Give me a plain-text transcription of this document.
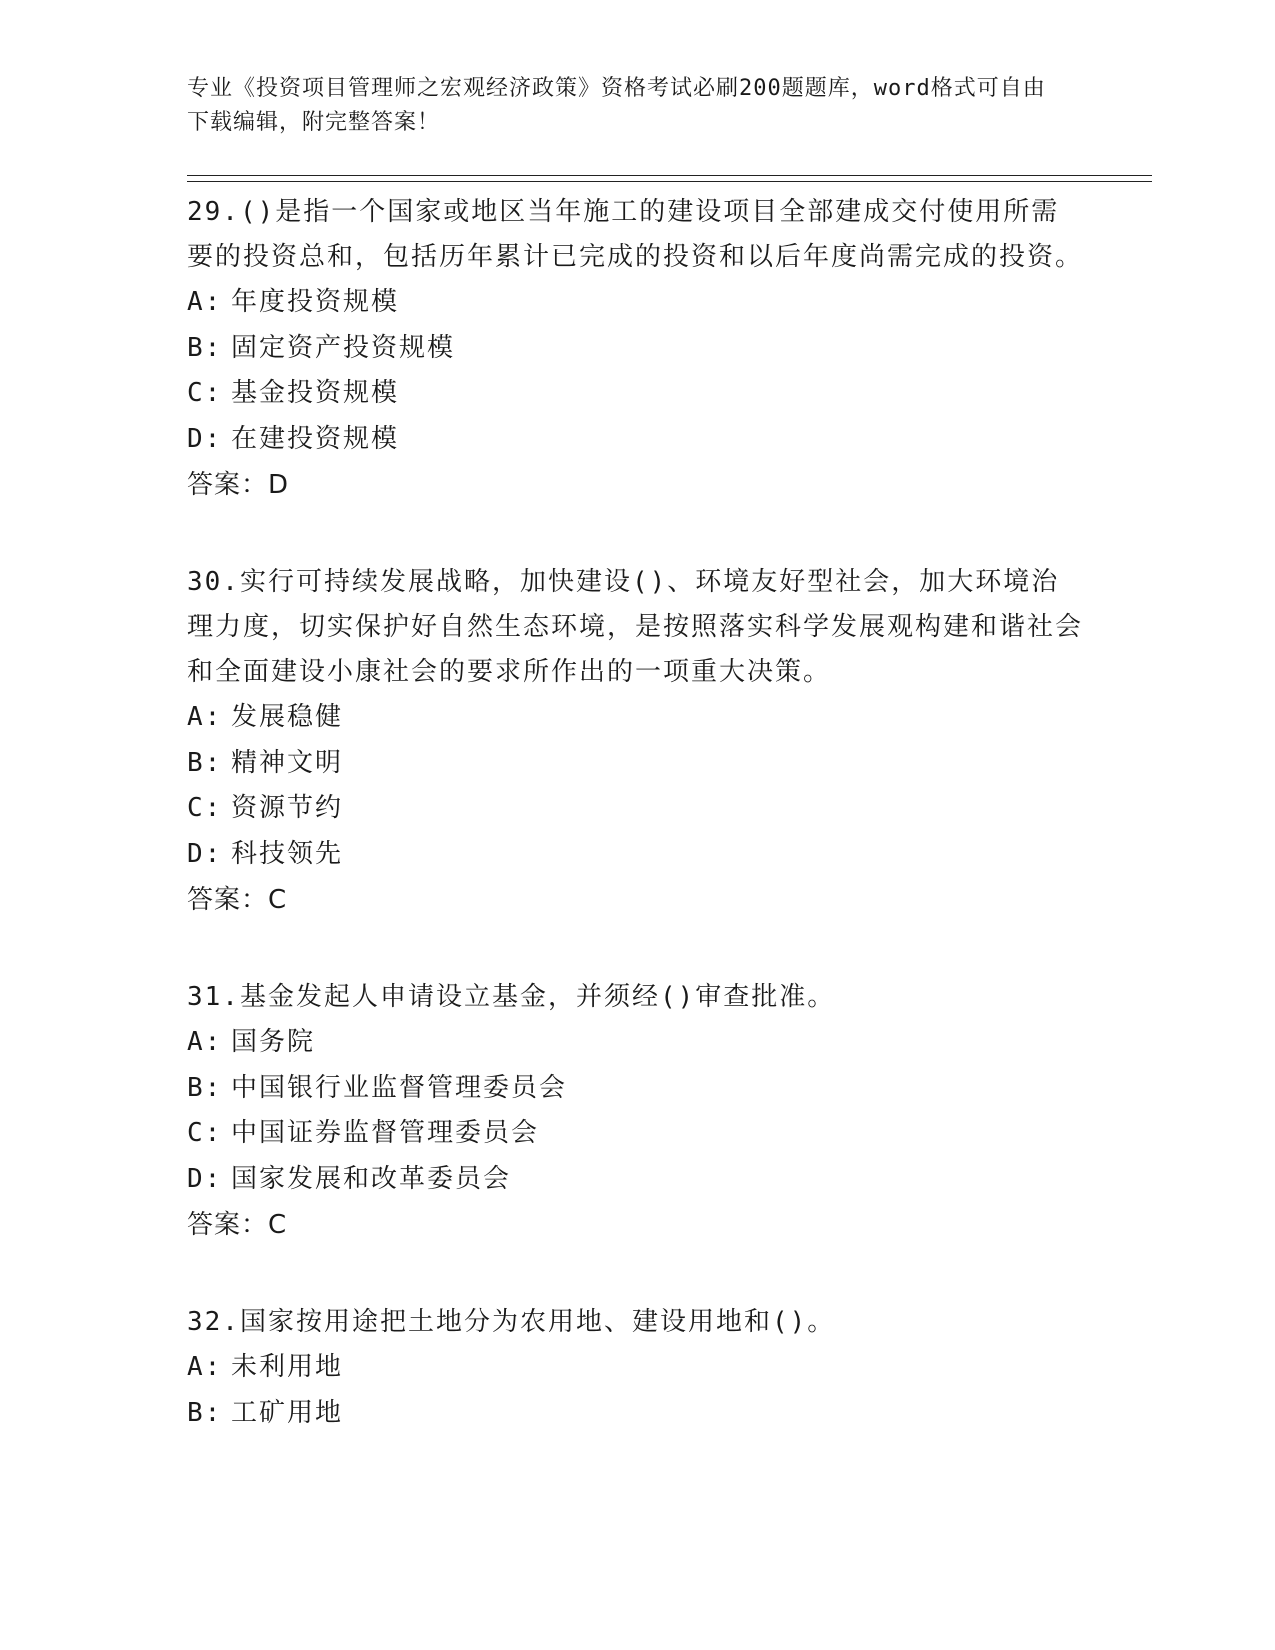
专业《投资项目管理师之宏观经济政策》资格考试必刷200题题库，word格式可自由下载编辑，附完整答案！

29.()是指一个国家或地区当年施工的建设项目全部建成交付使用所需要的投资总和，包括历年累计已完成的投资和以后年度尚需完成的投资。

A: 年度投资规模

B: 固定资产投资规模

C: 基金投资规模

D: 在建投资规模

答案：D

30.实行可持续发展战略，加快建设()、环境友好型社会，加大环境治理力度，切实保护好自然生态环境，是按照落实科学发展观构建和谐社会和全面建设小康社会的要求所作出的一项重大决策。

A: 发展稳健

B: 精神文明

C: 资源节约

D: 科技领先

答案：C

31.基金发起人申请设立基金，并须经()审查批准。

A: 国务院

B: 中国银行业监督管理委员会

C: 中国证券监督管理委员会

D: 国家发展和改革委员会

答案：C

32.国家按用途把土地分为农用地、建设用地和()。

A: 未利用地

B: 工矿用地
